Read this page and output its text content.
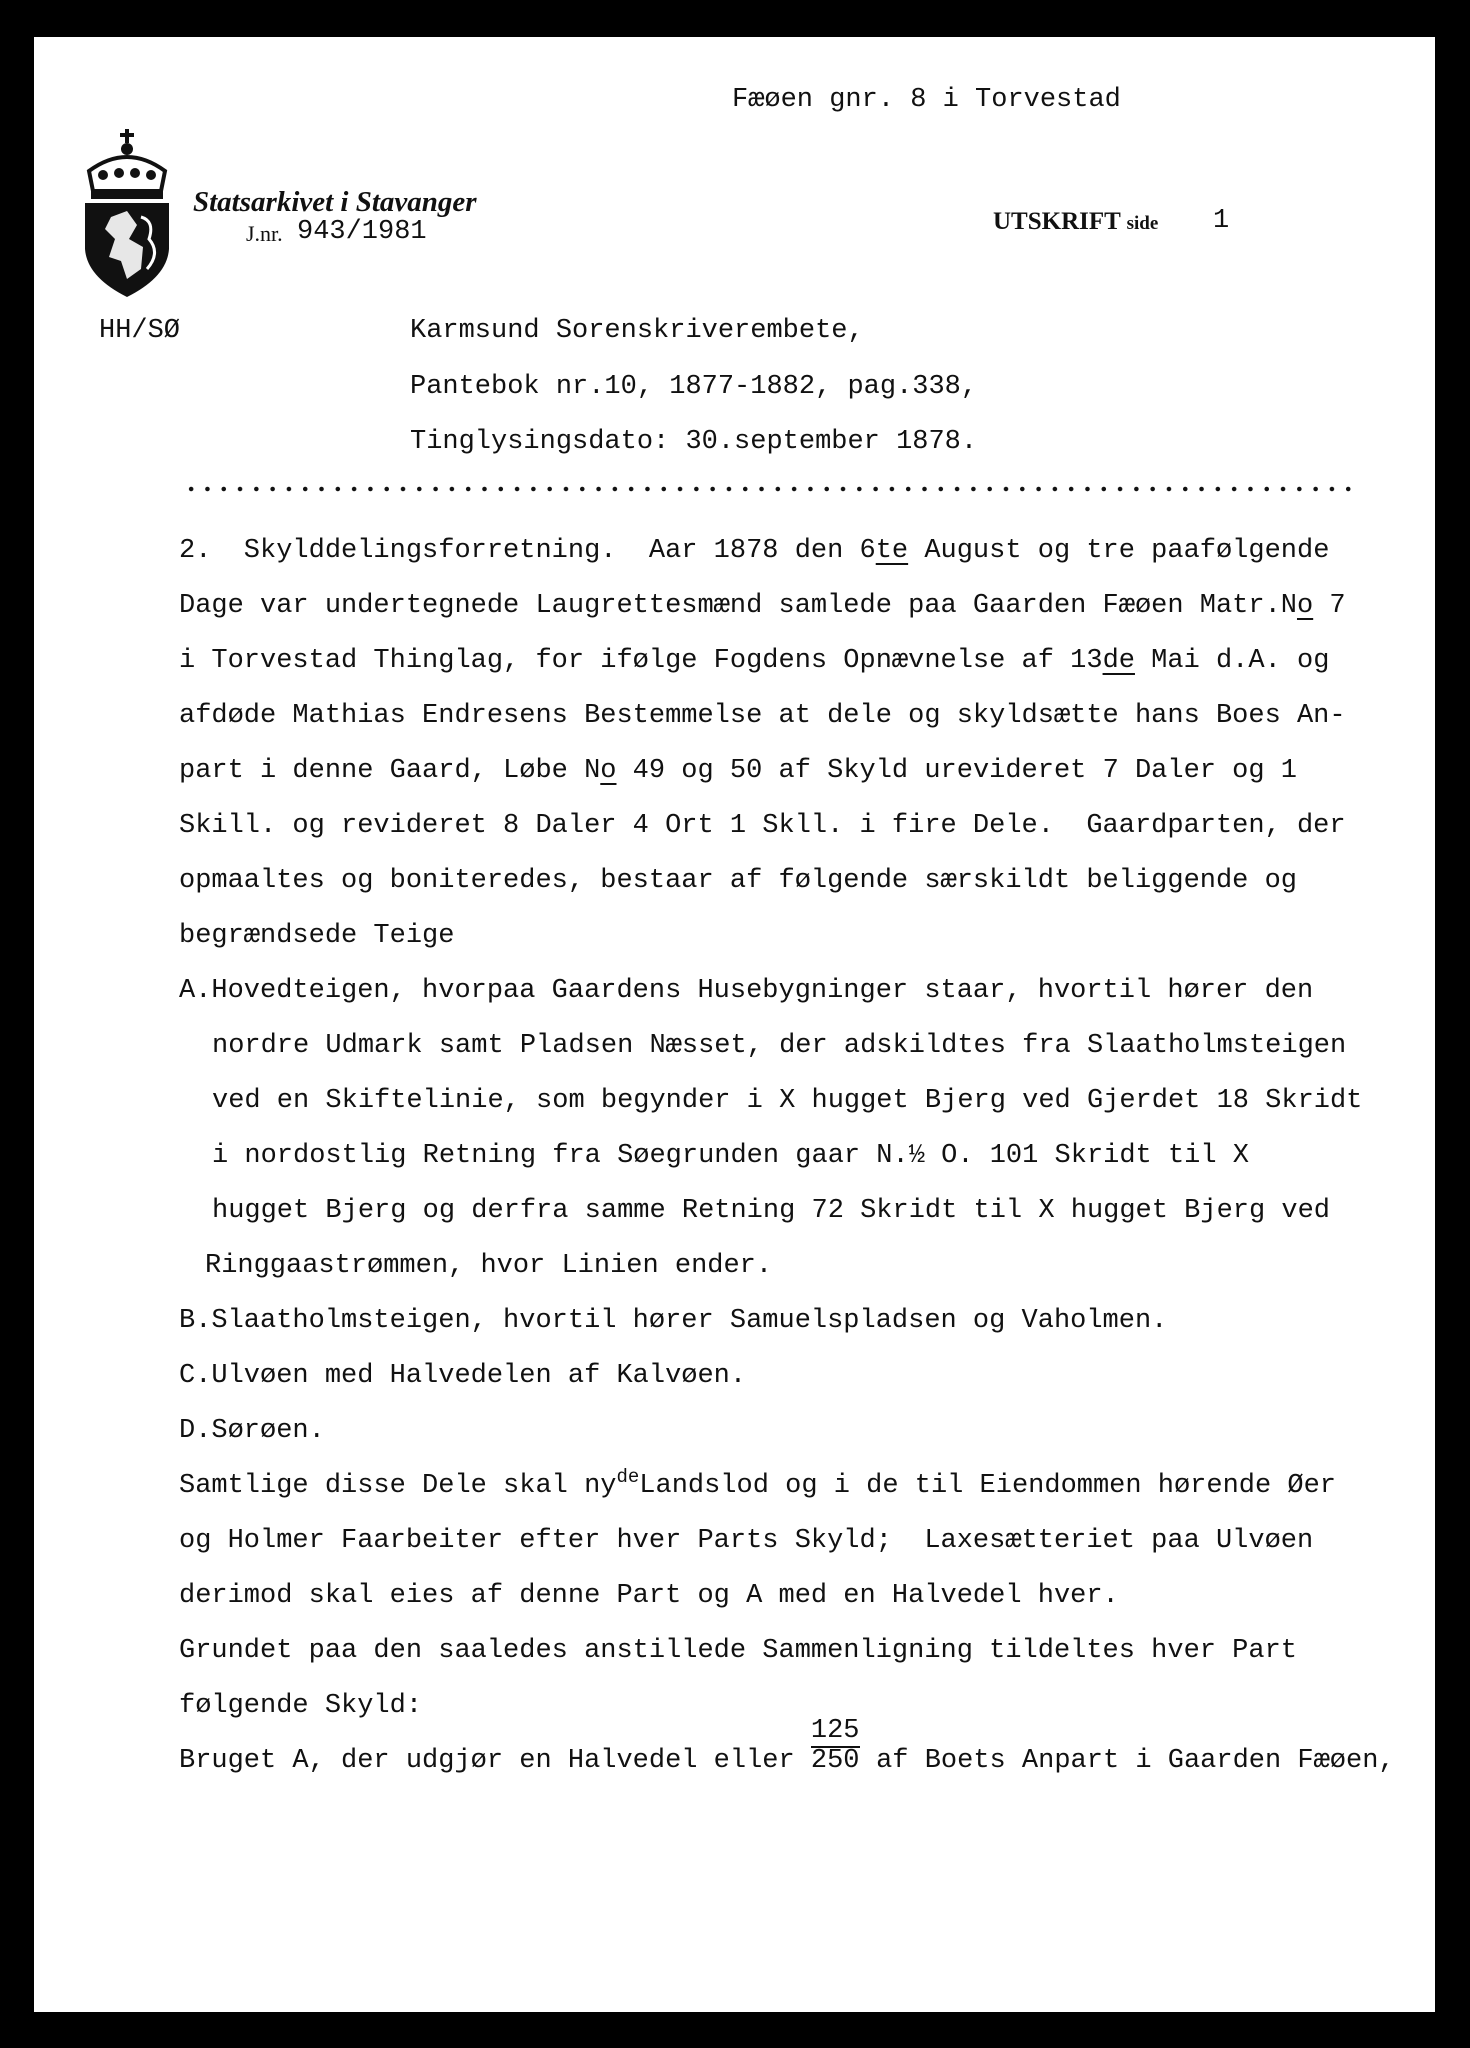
Fæøen gnr. 8 i Torvestad
Statsarkivet i Stavanger
J.nr. 943/1981	UTSKRIFT side 1
HH/SØ	Karmsund Sorenskriverembete,
Pantebok nr.10, 1877-1882, pag.338,
Tinglysingsdato: 30.september 1878.
2.  Skylddelingsforretning.  Aar 1878 den 6te August og tre paafølgende
Dage var undertegnede Laugrettesmænd samlede paa Gaarden Fæøen Matr.No 7
i Torvestad Thinglag, for ifølge Fogdens Opnævnelse af 13de Mai d.A. og
afdøde Mathias Endresens Bestemmelse at dele og skyldsætte hans Boes An-
part i denne Gaard, Løbe No 49 og 50 af Skyld urevideret 7 Daler og 1
Skill. og revideret 8 Daler 4 Ort 1 Skll. i fire Dele.  Gaardparten, der
opmaaltes og boniteredes, bestaar af følgende særskildt beliggende og
begrændsede Teige
A.Hovedteigen, hvorpaa Gaardens Husebygninger staar, hvortil hører den
nordre Udmark samt Pladsen Næsset, der adskildtes fra Slaatholmsteigen
ved en Skiftelinie, som begynder i X hugget Bjerg ved Gjerdet 18 Skridt
i nordostlig Retning fra Søegrunden gaar N.½ O. 101 Skridt til X
hugget Bjerg og derfra samme Retning 72 Skridt til X hugget Bjerg ved
Ringgaastrømmen, hvor Linien ender.
B.Slaatholmsteigen, hvortil hører Samuelspladsen og Vaholmen.
C.Ulvøen med Halvedelen af Kalvøen.
D.Sørøen.
Samtlige disse Dele skal $ny^{de}Landslod$ og i de til Eiendommen hørende Øer
og Holmer Faarbeiter efter hver Parts Skyld;  Laxesætteriet paa Ulvøen
derimod skal eies af denne Part og A med en Halvedel hver.
Grundet paa den saaledes anstillede Sammenligning tildeltes hver Part
følgende Skyld:
Bruget A, der udgjør en Halvedel eller $\frac{125}{250}$ af Boets Anpart i Gaarden Fæøen,
